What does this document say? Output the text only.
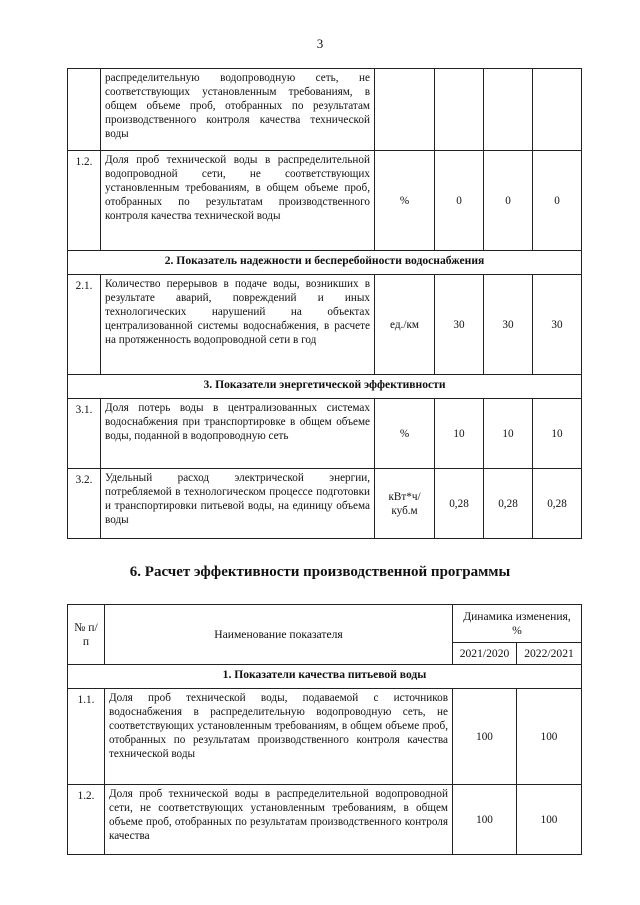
3
	распределительную водопроводную сеть, не соответствующих установленным требованиям, в общем объеме проб, отобранных по результатам производственного контроля качества технической воды				
1.2.	Доля проб технической воды в распределительной водопроводной сети, не соответствующих установленным требованиям, в общем объеме проб, отобранных по результатам производственного контроля качества технической воды	%	0	0	0
2. Показатель надежности и бесперебойности водоснабжения					
2.1.	Количество перерывов в подаче воды, возникших в результате аварий, повреждений и иных технологических нарушений на объектах централизованной системы водоснабжения, в расчете на протяженность водопроводной сети в год	ед./км	30	30	30
3. Показатели энергетической эффективности					
3.1.	Доля потерь воды в централизованных системах водоснабжения при транспортировке в общем объеме воды, поданной в водопроводную сеть	%	10	10	10
3.2.	Удельный расход электрической энергии, потребляемой в технологическом процессе подготовки и транспортировки питьевой воды, на единицу объема воды	кВт*ч/ куб.м	0,28	0,28	0,28
6. Расчет эффективности производственной программы
№ п/п	Наименование показателя	Динамика изменения, %	
		2021/2020	2022/2021
1. Показатели качества питьевой воды			
1.1.	Доля проб технической воды, подаваемой с источников водоснабжения в распределительную водопроводную сеть, не соответствующих установленным требованиям, в общем объеме проб, отобранных по результатам производственного контроля качества технической воды	100	100
1.2.	Доля проб технической воды в распределительной водопроводной сети, не соответствующих установленным требованиям, в общем объеме проб, отобранных по результатам производственного контроля качества	100	100
